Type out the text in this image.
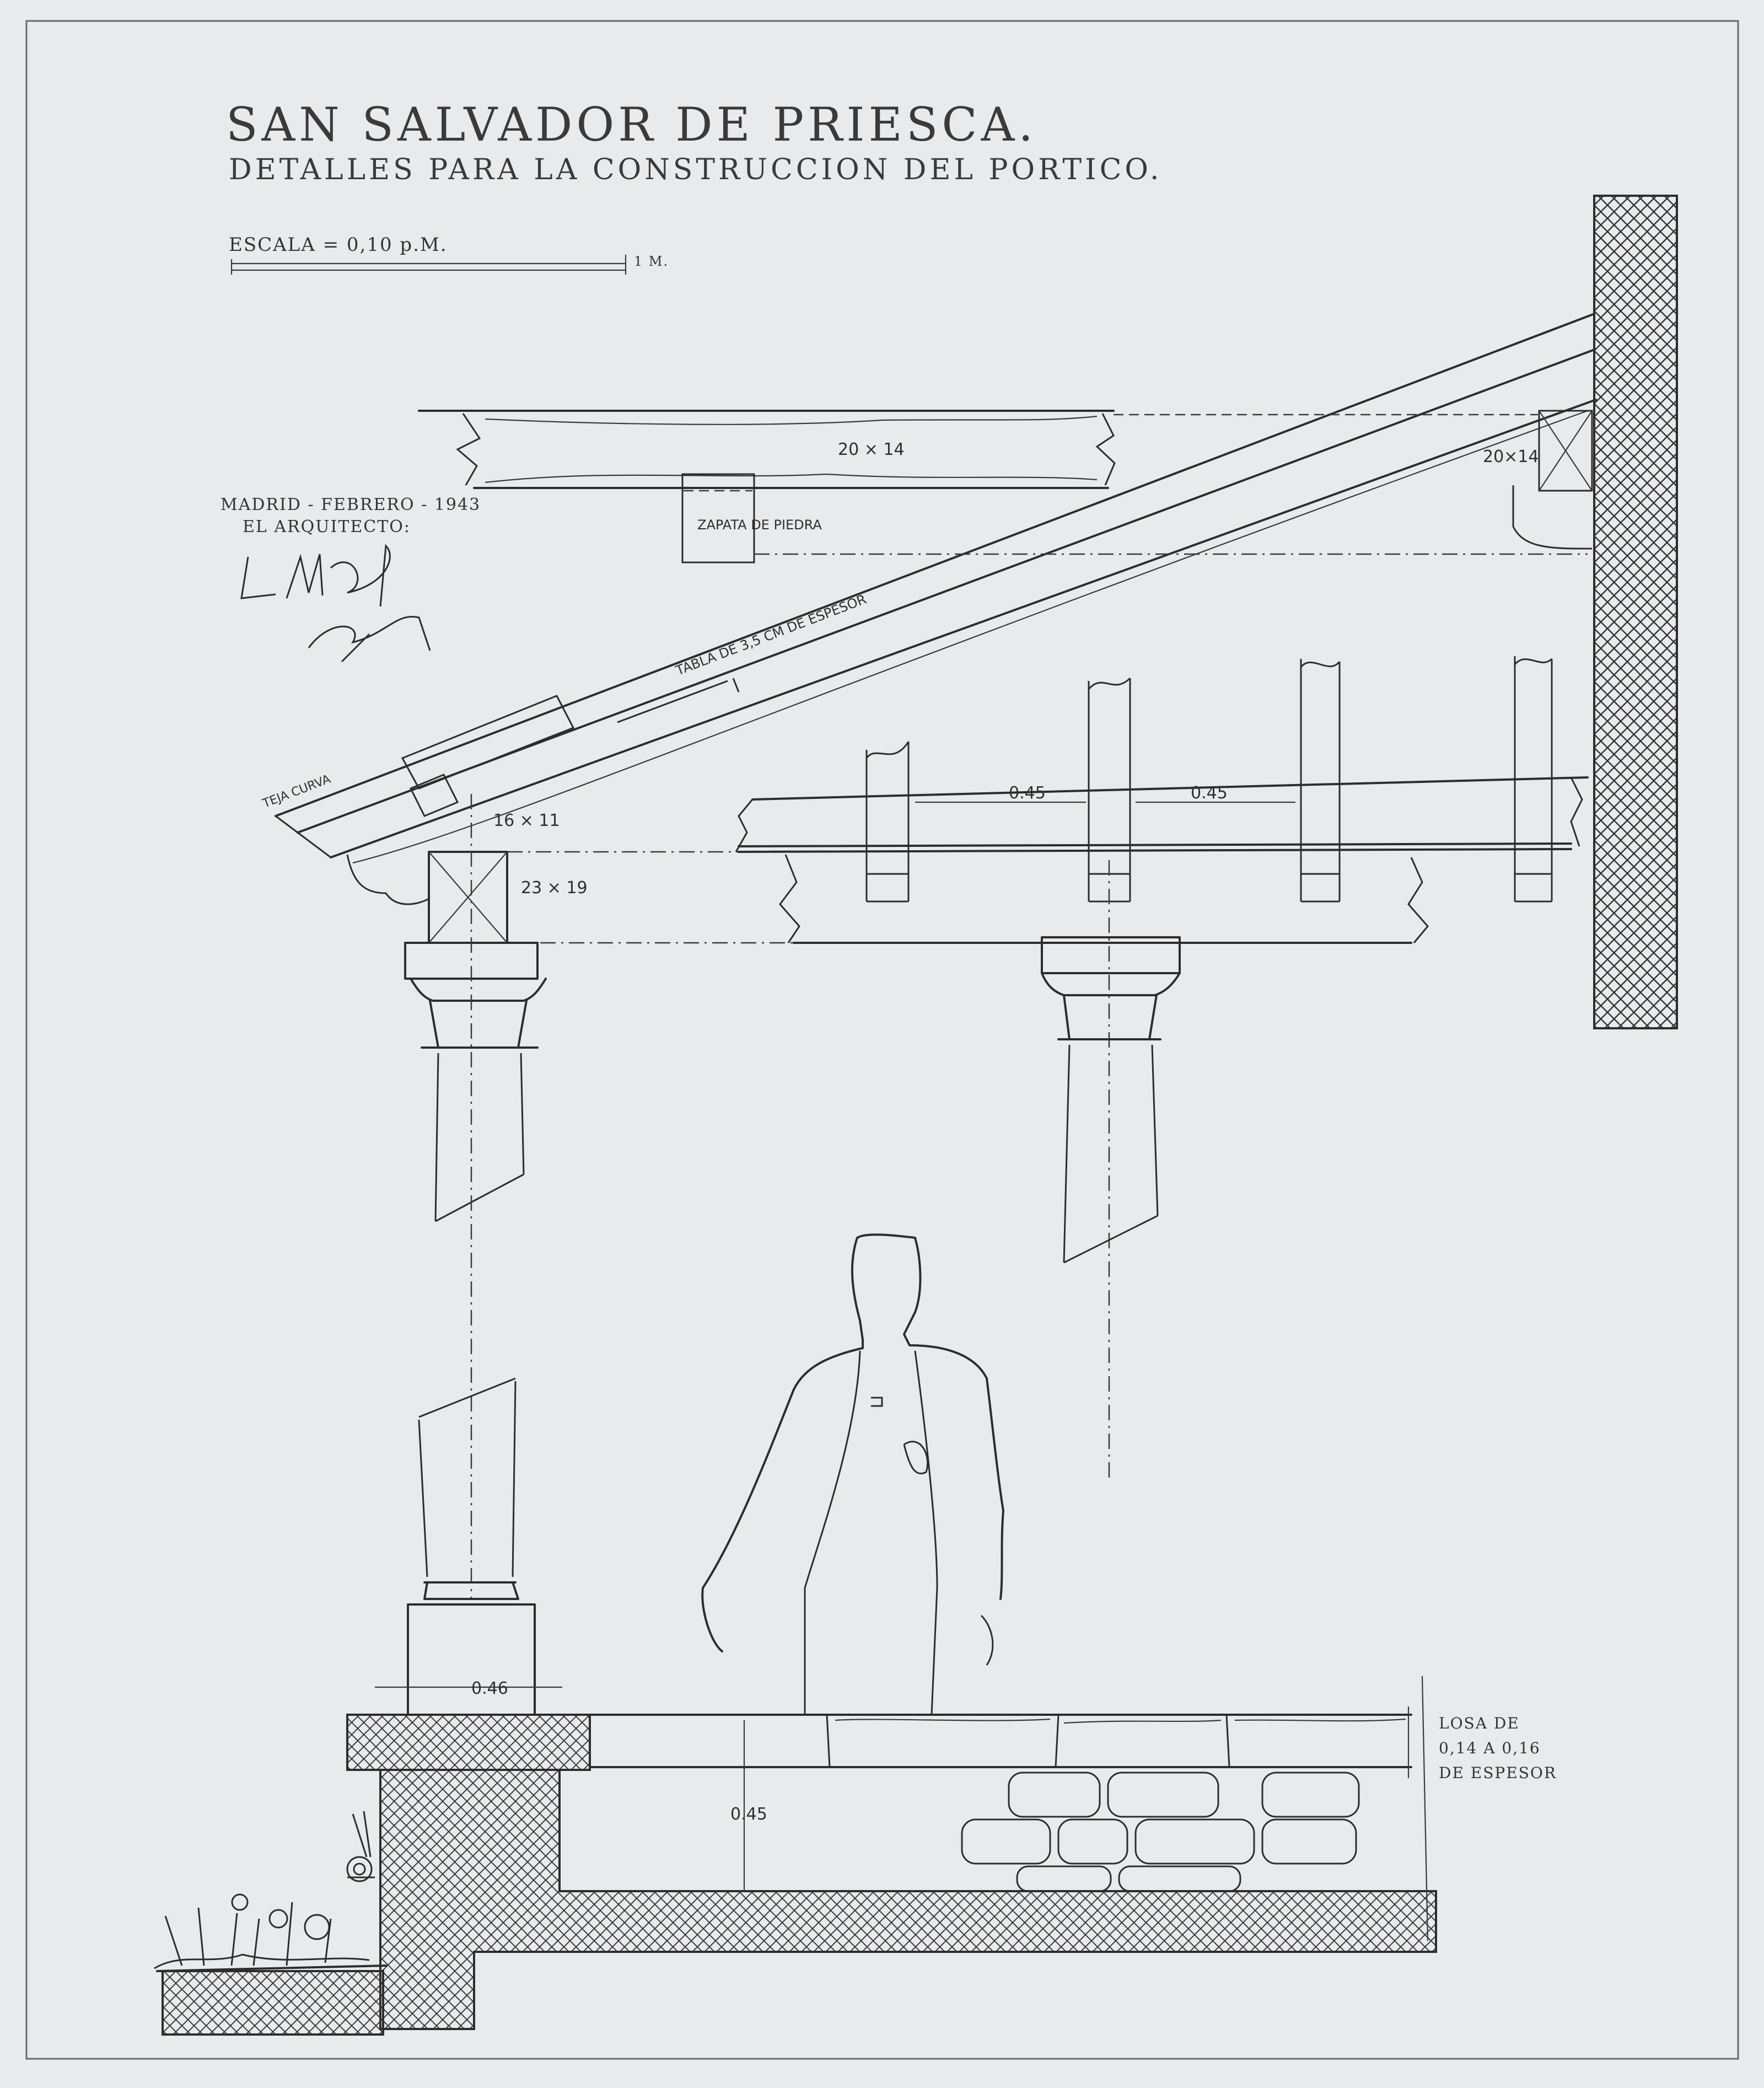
SAN SALVADOR DE PRIESCA.
DETALLES PARA LA CONSTRUCCION DEL PORTICO.
ESCALA = 0,10 p.M.
1 M.
MADRID - FEBRERO - 1943
EL ARQUITECTO:
TEJA CURVA
TABLA DE 3,5 CM DE ESPESOR
20 × 14
ZAPATA DE PIEDRA
20×14
16 × 11
0.45	0.45
23 × 19
0.46
0.45
LOSA DE
0,14 A 0,16
DE ESPESOR
